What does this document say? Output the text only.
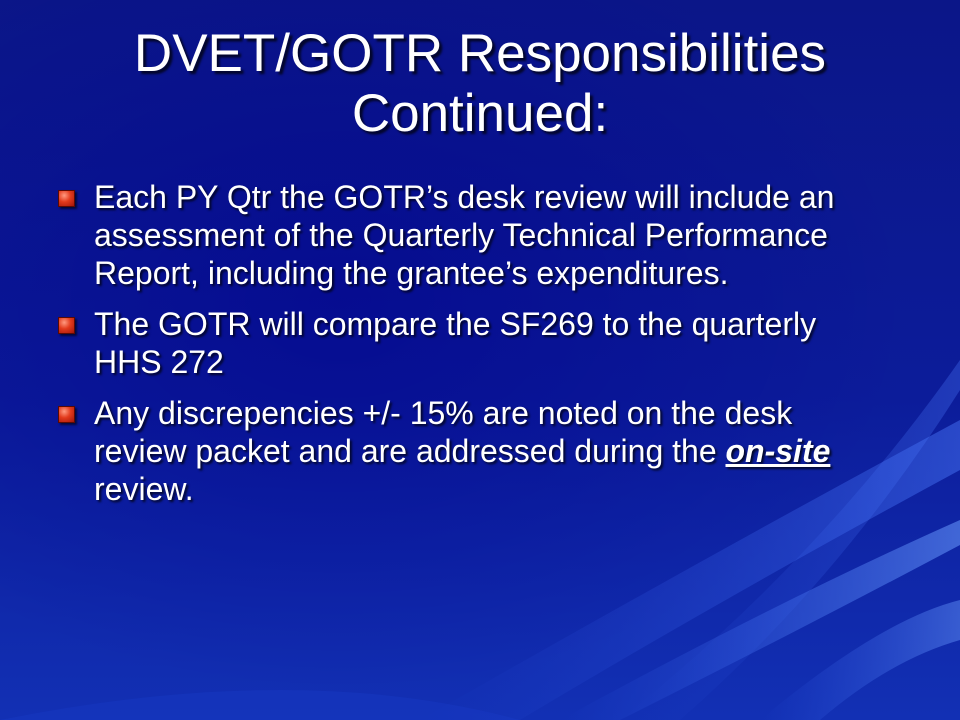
DVET/GOTR Responsibilities
Continued:
Each PY Qtr the GOTR’s desk review will include an assessment of the Quarterly Technical Performance Report, including the grantee’s expenditures.
The GOTR will compare the SF269 to the quarterly HHS 272
Any discrepencies +/- 15% are noted on the desk review packet and are addressed during the on-site review.
